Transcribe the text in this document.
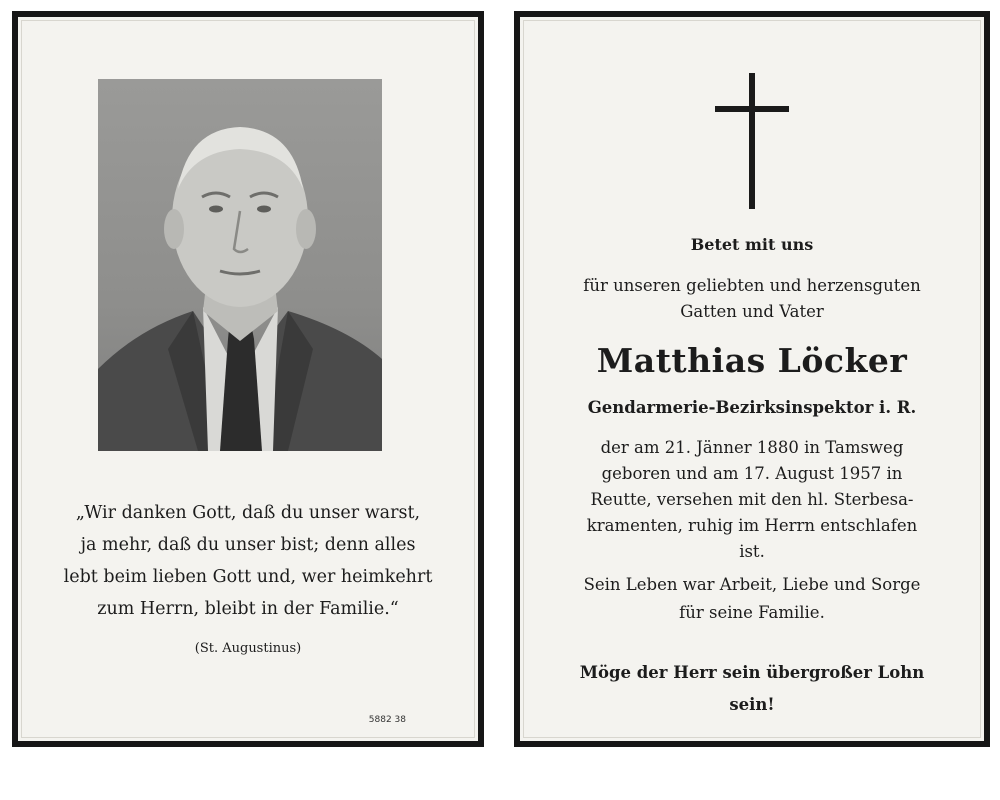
„Wir danken Gott, daß du unser warst,
ja mehr, daß du unser bist; denn alles
lebt beim lieben Gott und, wer heimkehrt
zum Herrn, bleibt in der Familie.“
(St. Augustinus)
5882 38
Betet mit uns
für unseren geliebten und herzensguten
Gatten und Vater
Matthias Löcker
Gendarmerie-Bezirksinspektor i. R.
der am 21. Jänner 1880 in Tamsweg
geboren und am 17. August 1957 in
Reutte, versehen mit den hl. Sterbesa-
kramenten, ruhig im Herrn entschlafen
ist.
Sein Leben war Arbeit, Liebe und Sorge
für seine Familie.
Möge der Herr sein übergroßer Lohn
sein!
